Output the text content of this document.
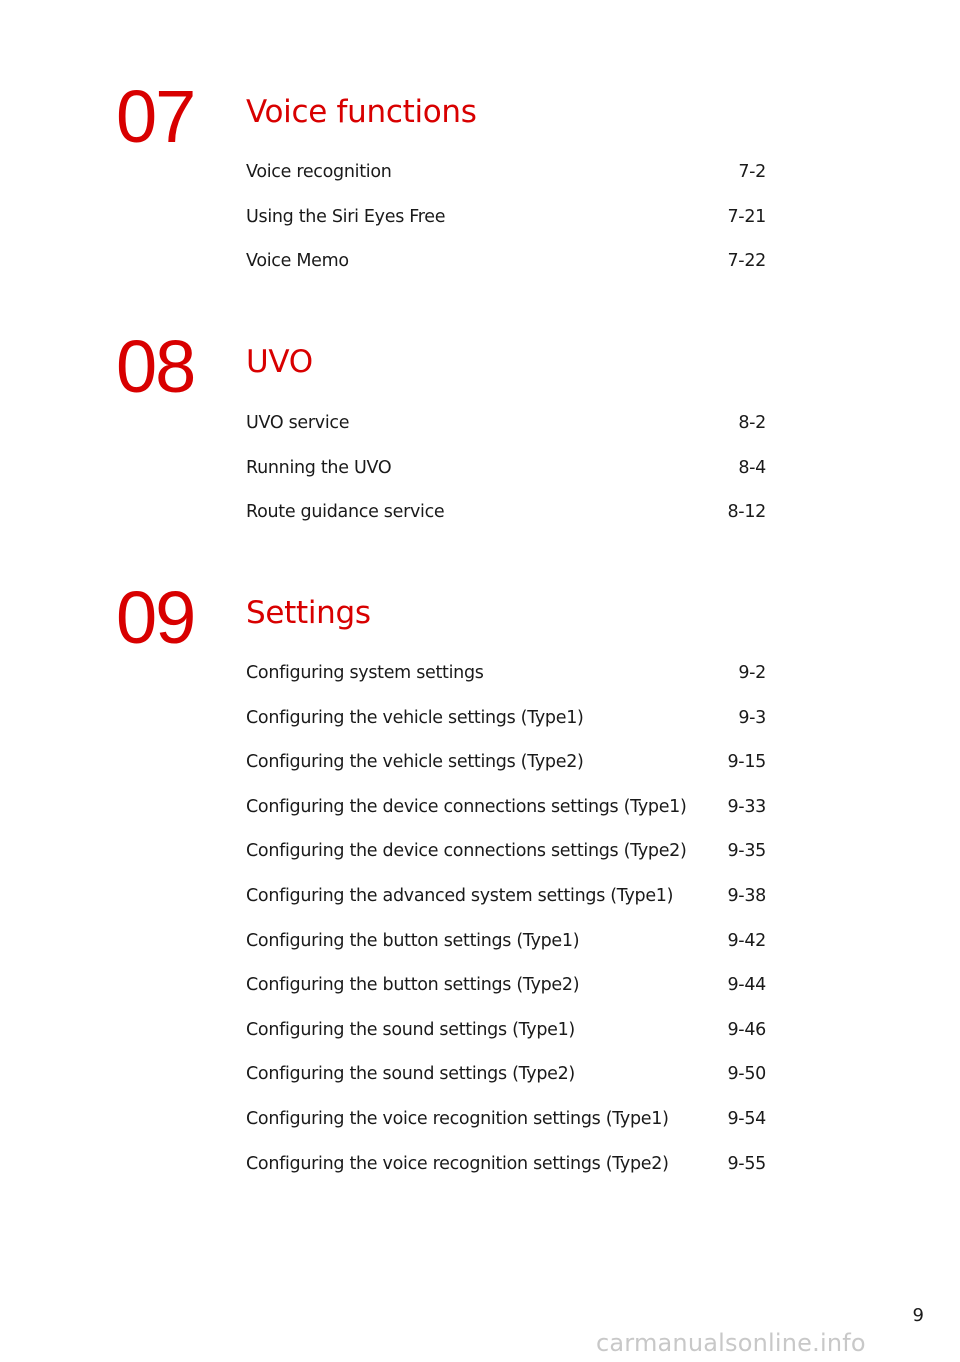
07 Voice functions
Voice recognition	7-2
Using the Siri Eyes Free	7-21
Voice Memo	7-22
08 UVO
UVO service	8-2
Running the UVO	8-4
Route guidance service	8-12
09 Settings
Configuring system settings	9-2
Configuring the vehicle settings (Type1)	9-3
Configuring the vehicle settings (Type2)	9-15
Configuring the device connections settings (Type1) 9-33
Configuring the device connections settings (Type2) 9-35
Configuring the advanced system settings (Type1)	9-38
Configuring the button settings (Type1)	9-42
Configuring the button settings (Type2)	9-44
Configuring the sound settings (Type1)	9-46
Configuring the sound settings (Type2)	9-50
Configuring the voice recognition settings (Type1)	9-54
Configuring the voice recognition settings (Type2)	9-55
9
carmanualsonline.info
